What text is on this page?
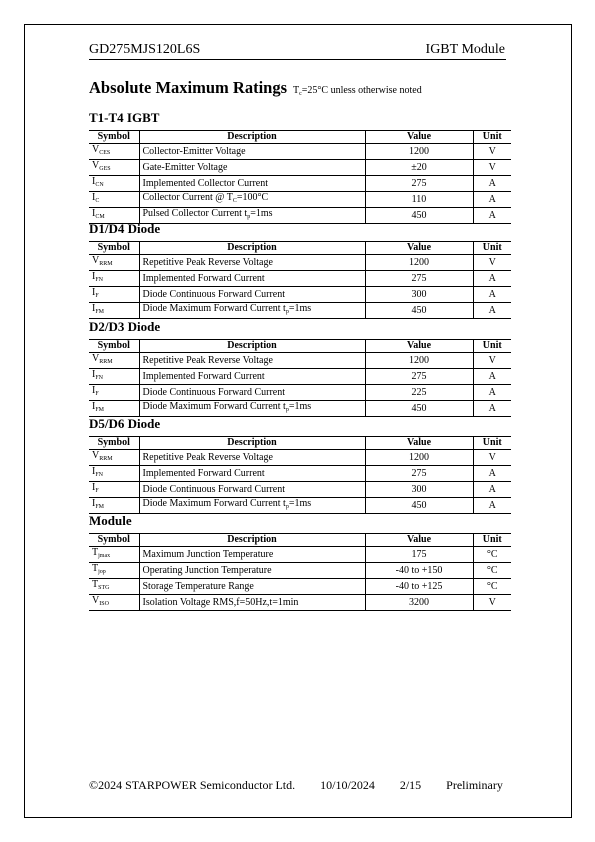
GD275MJS120L6S	IGBT Module
Absolute Maximum Ratings $T_c=25^\circ C$ unless otherwise noted
T1-T4 IGBT
Symbol	Description	Value	Unit
$V_{CES}$	Collector-Emitter Voltage	1200	V
$V_{GES}$	Gate-Emitter Voltage	±20	V
$I_{CN}$	Implemented Collector Current	275	A
$I_C$	Collector Current @ $T_C=100^\circ C$	110	A
$I_{CM}$	Pulsed Collector Current $t_p=1ms$	450	A
D1/D4 Diode
Symbol	Description	Value	Unit
$V_{RRM}$	Repetitive Peak Reverse Voltage	1200	V
$I_{FN}$	Implemented Forward Current	275	A
$I_F$	Diode Continuous Forward Current	300	A
$I_{FM}$	Diode Maximum Forward Current $t_p=1ms$	450	A
D2/D3 Diode
Symbol	Description	Value	Unit
$V_{RRM}$	Repetitive Peak Reverse Voltage	1200	V
$I_{FN}$	Implemented Forward Current	275	A
$I_F$	Diode Continuous Forward Current	225	A
$I_{FM}$	Diode Maximum Forward Current $t_p=1ms$	450	A
D5/D6 Diode
Symbol	Description	Value	Unit
$V_{RRM}$	Repetitive Peak Reverse Voltage	1200	V
$I_{FN}$	Implemented Forward Current	275	A
$I_F$	Diode Continuous Forward Current	300	A
$I_{FM}$	Diode Maximum Forward Current $t_p=1ms$	450	A
Module
Symbol	Description	Value	Unit
$T_{jmax}$	Maximum Junction Temperature	175	°C
$T_{jop}$	Operating Junction Temperature	-40 to +150	°C
$T_{STG}$	Storage Temperature Range	-40 to +125	°C
$V_{ISO}$	Isolation Voltage RMS,f=50Hz,t=1min	3200	V
©2024 STARPOWER Semiconductor Ltd. 10/10/2024 2/15 Preliminary
